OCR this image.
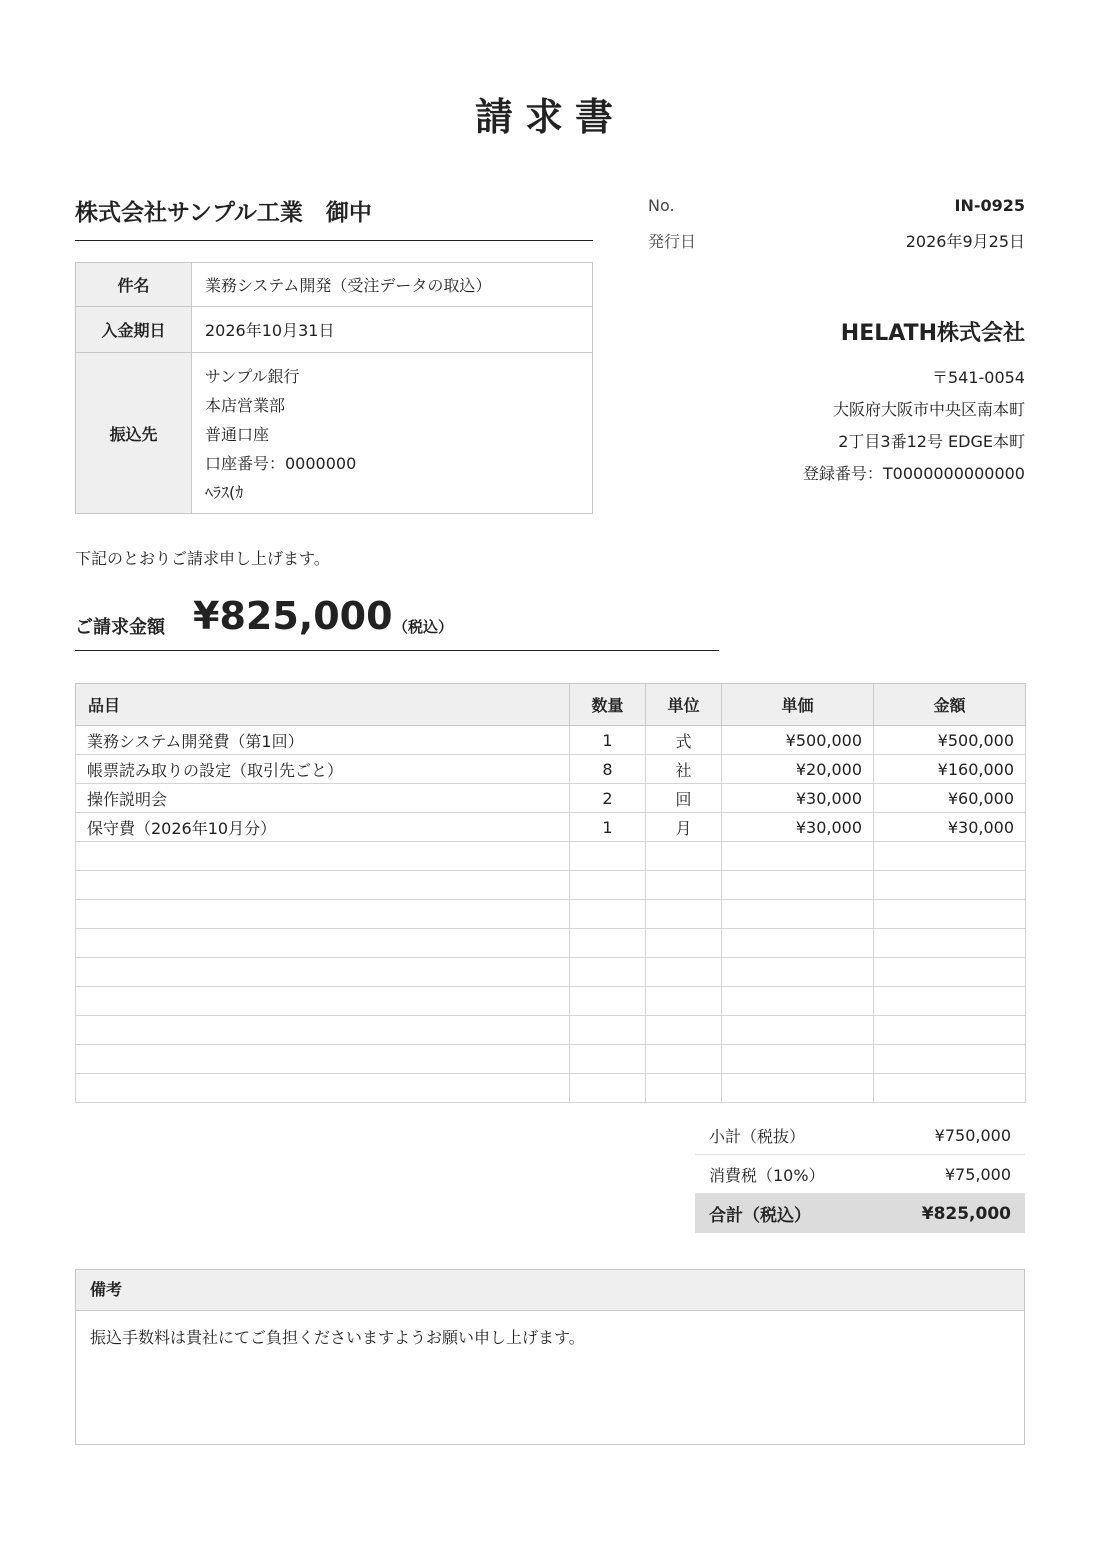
請求書
株式会社サンプル工業　御中	No.	IN-0925
発行日	2026年9月25日
件名	業務システム開発（受注データの取込）
入金期日	2026年10月31日
振込先	サンプル銀行
本店営業部
普通口座
口座番号：0000000
ﾍﾗｽ(ｶ
HELATH株式会社
〒541-0054
大阪府大阪市中央区南本町
2丁目3番12号 EDGE本町
登録番号：T0000000000000
下記のとおりご請求申し上げます。
ご請求金額 ¥825,000 （税込）
品目	数量	単位	単価	金額
業務システム開発費（第1回）	1	式	¥500,000	¥500,000
帳票読み取りの設定（取引先ごと）	8	社	¥20,000	¥160,000
操作説明会	2	回	¥30,000	¥60,000
保守費（2026年10月分）	1	月	¥30,000	¥30,000

小計（税抜）	¥750,000
消費税（10%）	¥75,000
合計（税込）	¥825,000
備考
振込手数料は貴社にてご負担くださいますようお願い申し上げます。
